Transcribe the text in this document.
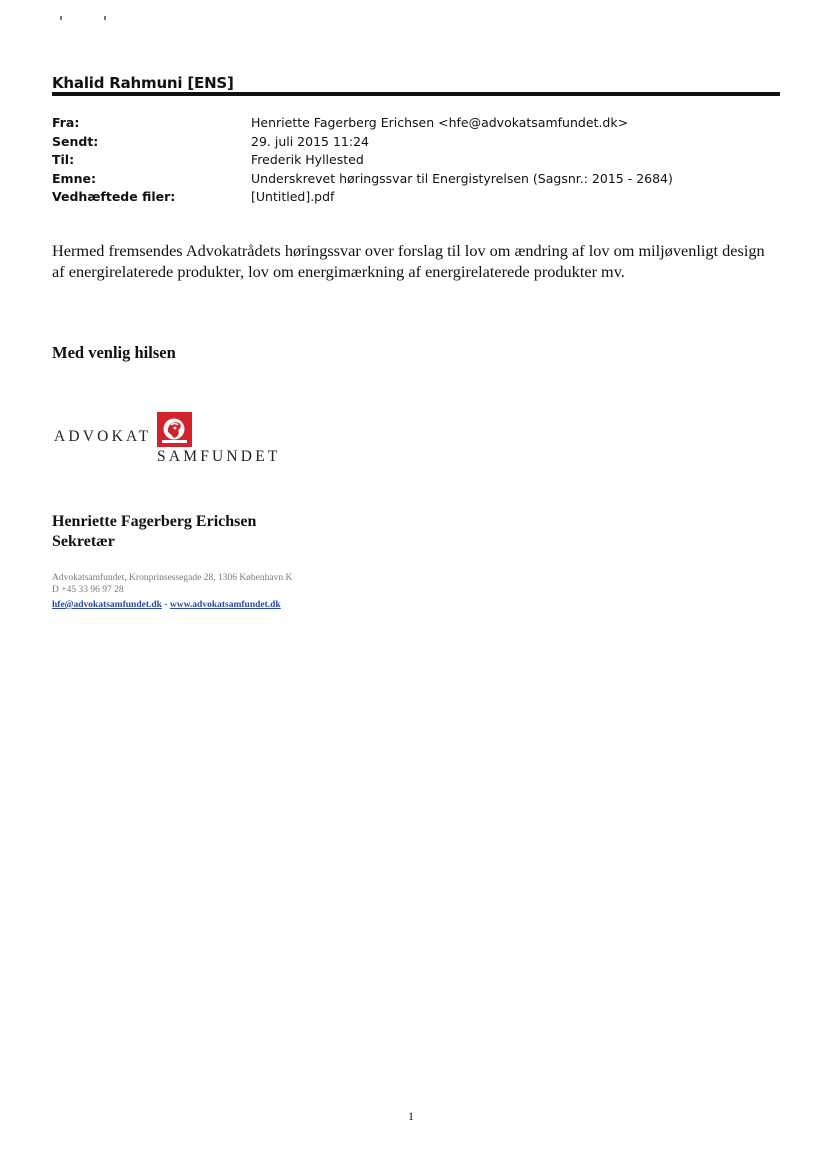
Khalid Rahmuni [ENS]
Fra:	Henriette Fagerberg Erichsen <hfe@advokatsamfundet.dk>
Sendt:	29. juli 2015 11:24
Til:	Frederik Hyllested
Emne:	Underskrevet høringssvar til Energistyrelsen (Sagsnr.: 2015 - 2684)
Vedhæftede filer:	[Untitled].pdf

Hermed fremsendes Advokatrådets høringssvar over forslag til lov om ændring af lov om miljøvenligt design af energirelaterede produkter, lov om energimærkning af energirelaterede produkter mv.

Med venlig hilsen
ADVOKAT
SAMFUNDET
Henriette Fagerberg Erichsen
Sekretær
Advokatsamfundet, Kronprinsessegade 28, 1306 København K
D +45 33 96 97 28
hfe@advokatsamfundet.dk - www.advokatsamfundet.dk
1
